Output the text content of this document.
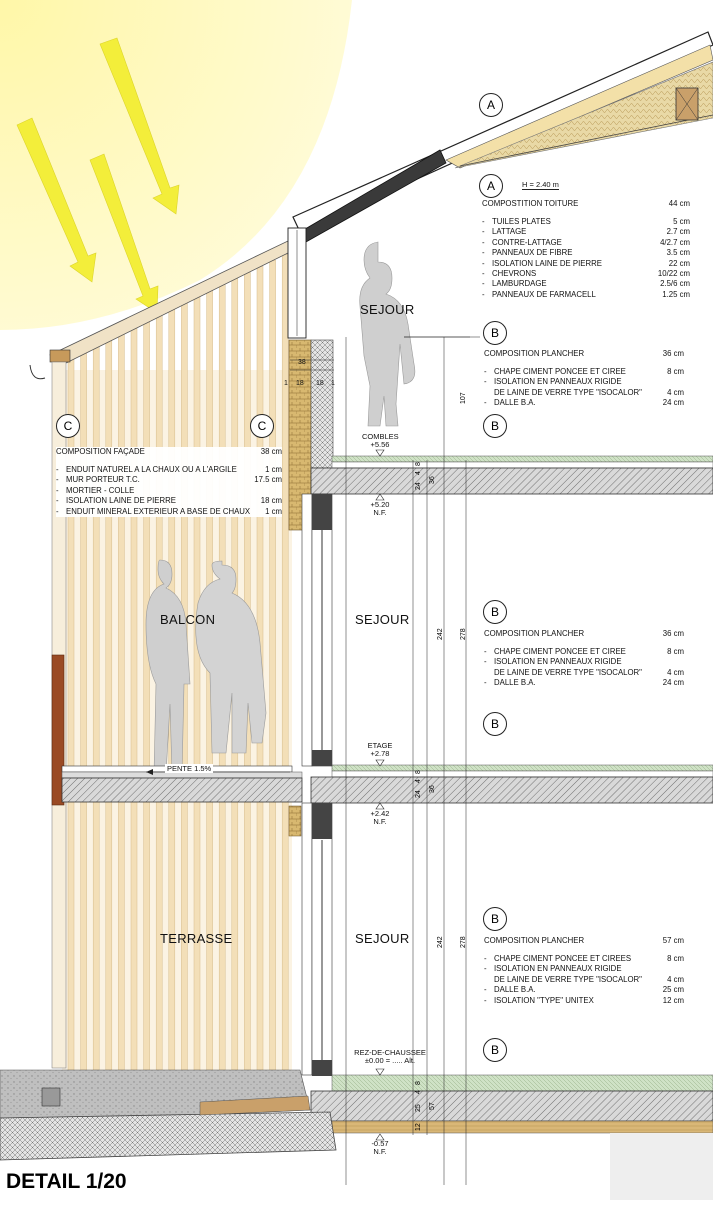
SEJOUR
BALCON	SEJOUR
TERRASSE	SEJOUR
COMBLES
+5.56
+5.20
N.F.
ETAGE
+2.78
+2.42
N.F.
REZ-DE-CHAUSSEE
±0.00 = ..... Alt.
-0.57
N.F.
PENTE 1.5%
H = 2.40 m
38
1 18 18 1
107
242 278
242 278
8
4
24
36
8
4
24
36
8
4
25
12
57
A
A
C	C
B
B
B
B
B
B
COMPOSTITION TOITURE	44 cm
-TUILES PLATES	5 cm
-LATTAGE	2.7 cm
-CONTRE-LATTAGE	4/2.7 cm
-PANNEAUX DE FIBRE	3.5 cm
-ISOLATION LAINE DE PIERRE	22 cm
-CHEVRONS	10/22 cm
-LAMBURDAGE	2.5/6 cm
-PANNEAUX DE FARMACELL	1.25 cm
COMPOSITION FAÇADE	38 cm
-ENDUIT NATUREL A LA CHAUX OU A L'ARGILE	1 cm
-MUR PORTEUR T.C.	17.5 cm
-MORTIER - COLLE
-ISOLATION LAINE DE PIERRE	18 cm
-ENDUIT MINERAL EXTERIEUR A BASE DE CHAUX 1 cm
COMPOSITION PLANCHER	36 cm
-CHAPE CIMENT PONCEE ET CIREE	8 cm
-ISOLATION EN PANNEAUX RIGIDE
DE LAINE DE VERRE TYPE "ISOCALOR"	4 cm
-DALLE B.A.	24 cm
COMPOSITION PLANCHER	36 cm
-CHAPE CIMENT PONCEE ET CIREE	8 cm
-ISOLATION EN PANNEAUX RIGIDE
DE LAINE DE VERRE TYPE "ISOCALOR"	4 cm
-DALLE B.A.	24 cm
COMPOSITION PLANCHER	57 cm
-CHAPE CIMENT PONCEE ET CIREES	8 cm
-ISOLATION EN PANNEAUX RIGIDE
DE LAINE DE VERRE TYPE "ISOCALOR"	4 cm
-DALLE B.A.	25 cm
-ISOLATION "TYPE" UNITEX	12 cm
DETAIL 1/20
